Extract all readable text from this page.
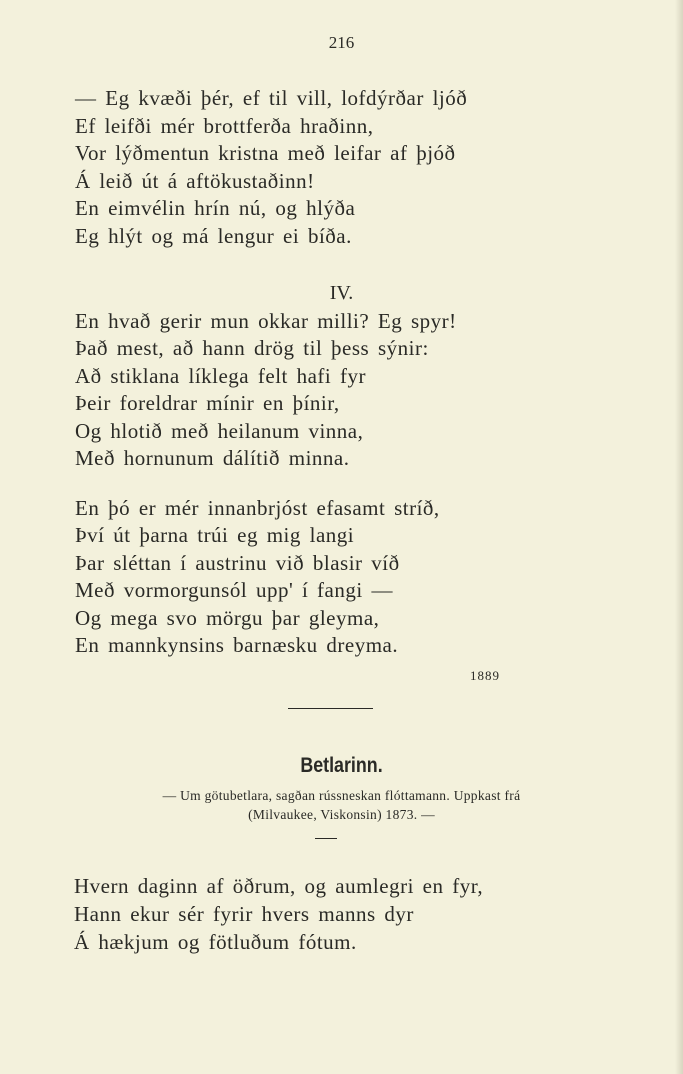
216
— Eg kvæði þér, ef til vill, lofdýrðar ljóð
Ef leifði mér brottferða hraðinn,
Vor lýðmentun kristna með leifar af þjóð
Á leið út á aftökustaðinn!
En eimvélin hrín nú, og hlýða
Eg hlýt og má lengur ei bíða.
IV.
En hvað gerir mun okkar milli? Eg spyr!
Það mest, að hann drög til þess sýnir:
Að stiklana líklega felt hafi fyr
Þeir foreldrar mínir en þínir,
Og hlotið með heilanum vinna,
Með hornunum dálítið minna.
En þó er mér innanbrjóst efasamt stríð,
Því út þarna trúi eg mig langi
Þar sléttan í austrinu við blasir víð
Með vormorgunsól upp' í fangi —
Og mega svo mörgu þar gleyma,
En mannkynsins barnæsku dreyma.
1889
Betlarinn.
— Um götubetlara, sagðan rússneskan flóttamann. Uppkast frá
(Milvaukee, Viskonsin) 1873. —
Hvern daginn af öðrum, og aumlegri en fyr,
Hann ekur sér fyrir hvers manns dyr
Á hækjum og fötluðum fótum.
